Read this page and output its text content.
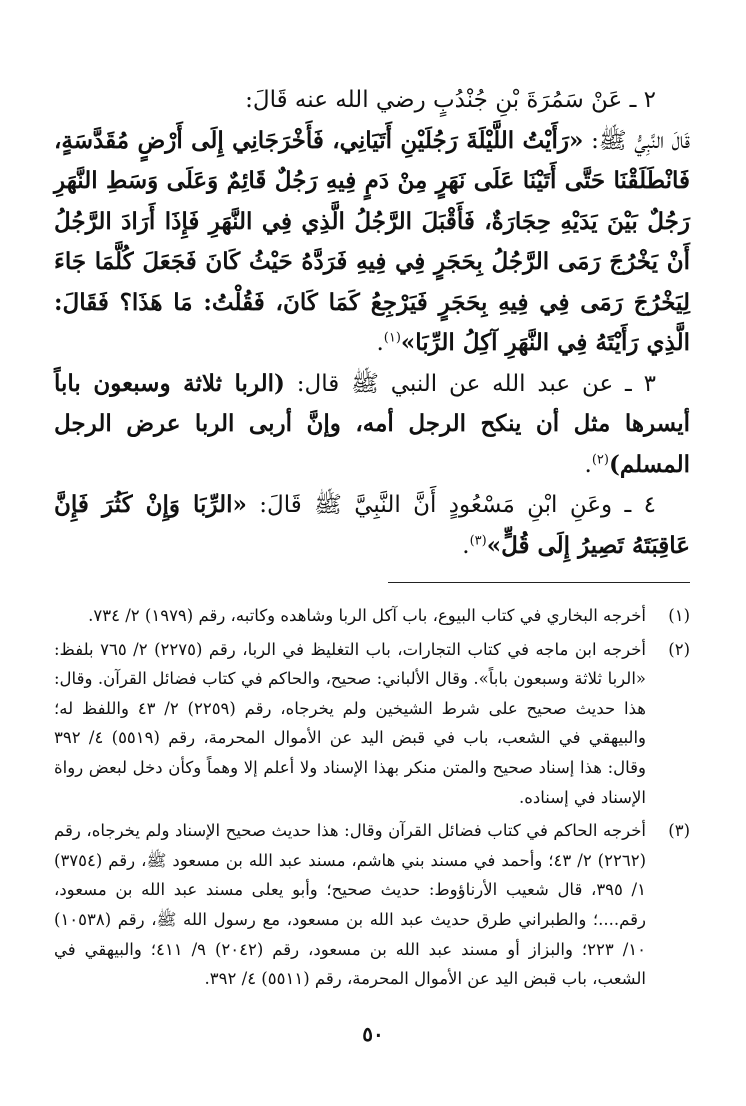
٢ ـ عَنْ سَمُرَةَ بْنِ جُنْدُبٍ رضي الله عنه قَالَ:

قَالَ النَّبِيُّ ﷺ: «رَأَيْتُ اللَّيْلَةَ رَجُلَيْنِ أَتَيَانِي، فَأَخْرَجَانِي إِلَى أَرْضٍ مُقَدَّسَةٍ، فَانْطَلَقْنَا حَتَّى أَتَيْنَا عَلَى نَهَرٍ مِنْ دَمٍ فِيهِ رَجُلٌ قَائِمٌ وَعَلَى وَسَطِ النَّهَرِ رَجُلٌ بَيْنَ يَدَيْهِ حِجَارَةٌ، فَأَقْبَلَ الرَّجُلُ الَّذِي فِي النَّهَرِ فَإِذَا أَرَادَ الرَّجُلُ أَنْ يَخْرُجَ رَمَى الرَّجُلُ بِحَجَرٍ فِي فِيهِ فَرَدَّهُ حَيْثُ كَانَ فَجَعَلَ كُلَّمَا جَاءَ لِيَخْرُجَ رَمَى فِي فِيهِ بِحَجَرٍ فَيَرْجِعُ كَمَا كَانَ، فَقُلْتُ: مَا هَذَا؟ فَقَالَ: الَّذِي رَأَيْتَهُ فِي النَّهَرِ آكِلُ الرِّبَا»$^{(١)}$.

٣ ـ عن عبد الله عن النبي ﷺ قال: (الربا ثلاثة وسبعون باباً أيسرها مثل أن ينكح الرجل أمه، وإنَّ أربى الربا عرض الرجل المسلم)$^{(٢)}$.

٤ ـ وعَنِ ابْنِ مَسْعُودٍ أَنَّ النَّبِيَّ ﷺ قَالَ: «الرِّبَا وَإِنْ كَثُرَ فَإِنَّ عَاقِبَتَهُ تَصِيرُ إِلَى قُلٍّ»$^{(٣)}$.

(١)
أخرجه البخاري في كتاب البيوع، باب آكل الربا وشاهده وكاتبه، رقم (١٩٧٩) ٢/ ٧٣٤.
(٢)
أخرجه ابن ماجه في كتاب التجارات، باب التغليظ في الربا، رقم (٢٢٧٥) ٢/ ٧٦٥ بلفظ: «الربا ثلاثة وسبعون باباً». وقال الألباني: صحيح، والحاكم في كتاب فضائل القرآن. وقال: هذا حديث صحيح على شرط الشيخين ولم يخرجاه، رقم (٢٢٥٩) ٢/ ٤٣ واللفظ له؛ والبيهقي في الشعب، باب في قبض اليد عن الأموال المحرمة، رقم (٥٥١٩) ٤/ ٣٩٢ وقال: هذا إسناد صحيح والمتن منكر بهذا الإسناد ولا أعلم إلا وهماً وكأن دخل لبعض رواة الإسناد في إسناده.
(٣)
أخرجه الحاكم في كتاب فضائل القرآن وقال: هذا حديث صحيح الإسناد ولم يخرجاه، رقم (٢٢٦٢) ٢/ ٤٣؛ وأحمد في مسند بني هاشم، مسند عبد الله بن مسعود ﷺ، رقم (٣٧٥٤) ١/ ٣٩٥، قال شعيب الأرناؤوط: حديث صحيح؛ وأبو يعلى مسند عبد الله بن مسعود، رقم....؛ والطبراني طرق حديث عبد الله بن مسعود، مع رسول الله ﷺ، رقم (١٠٥٣٨) ١٠/ ٢٢٣؛ والبزاز أو مسند عبد الله بن مسعود، رقم (٢٠٤٢) ٩/ ٤١١؛ والبيهقي في الشعب، باب قبض اليد عن الأموال المحرمة، رقم (٥٥١١) ٤/ ٣٩٢.
٥٠
